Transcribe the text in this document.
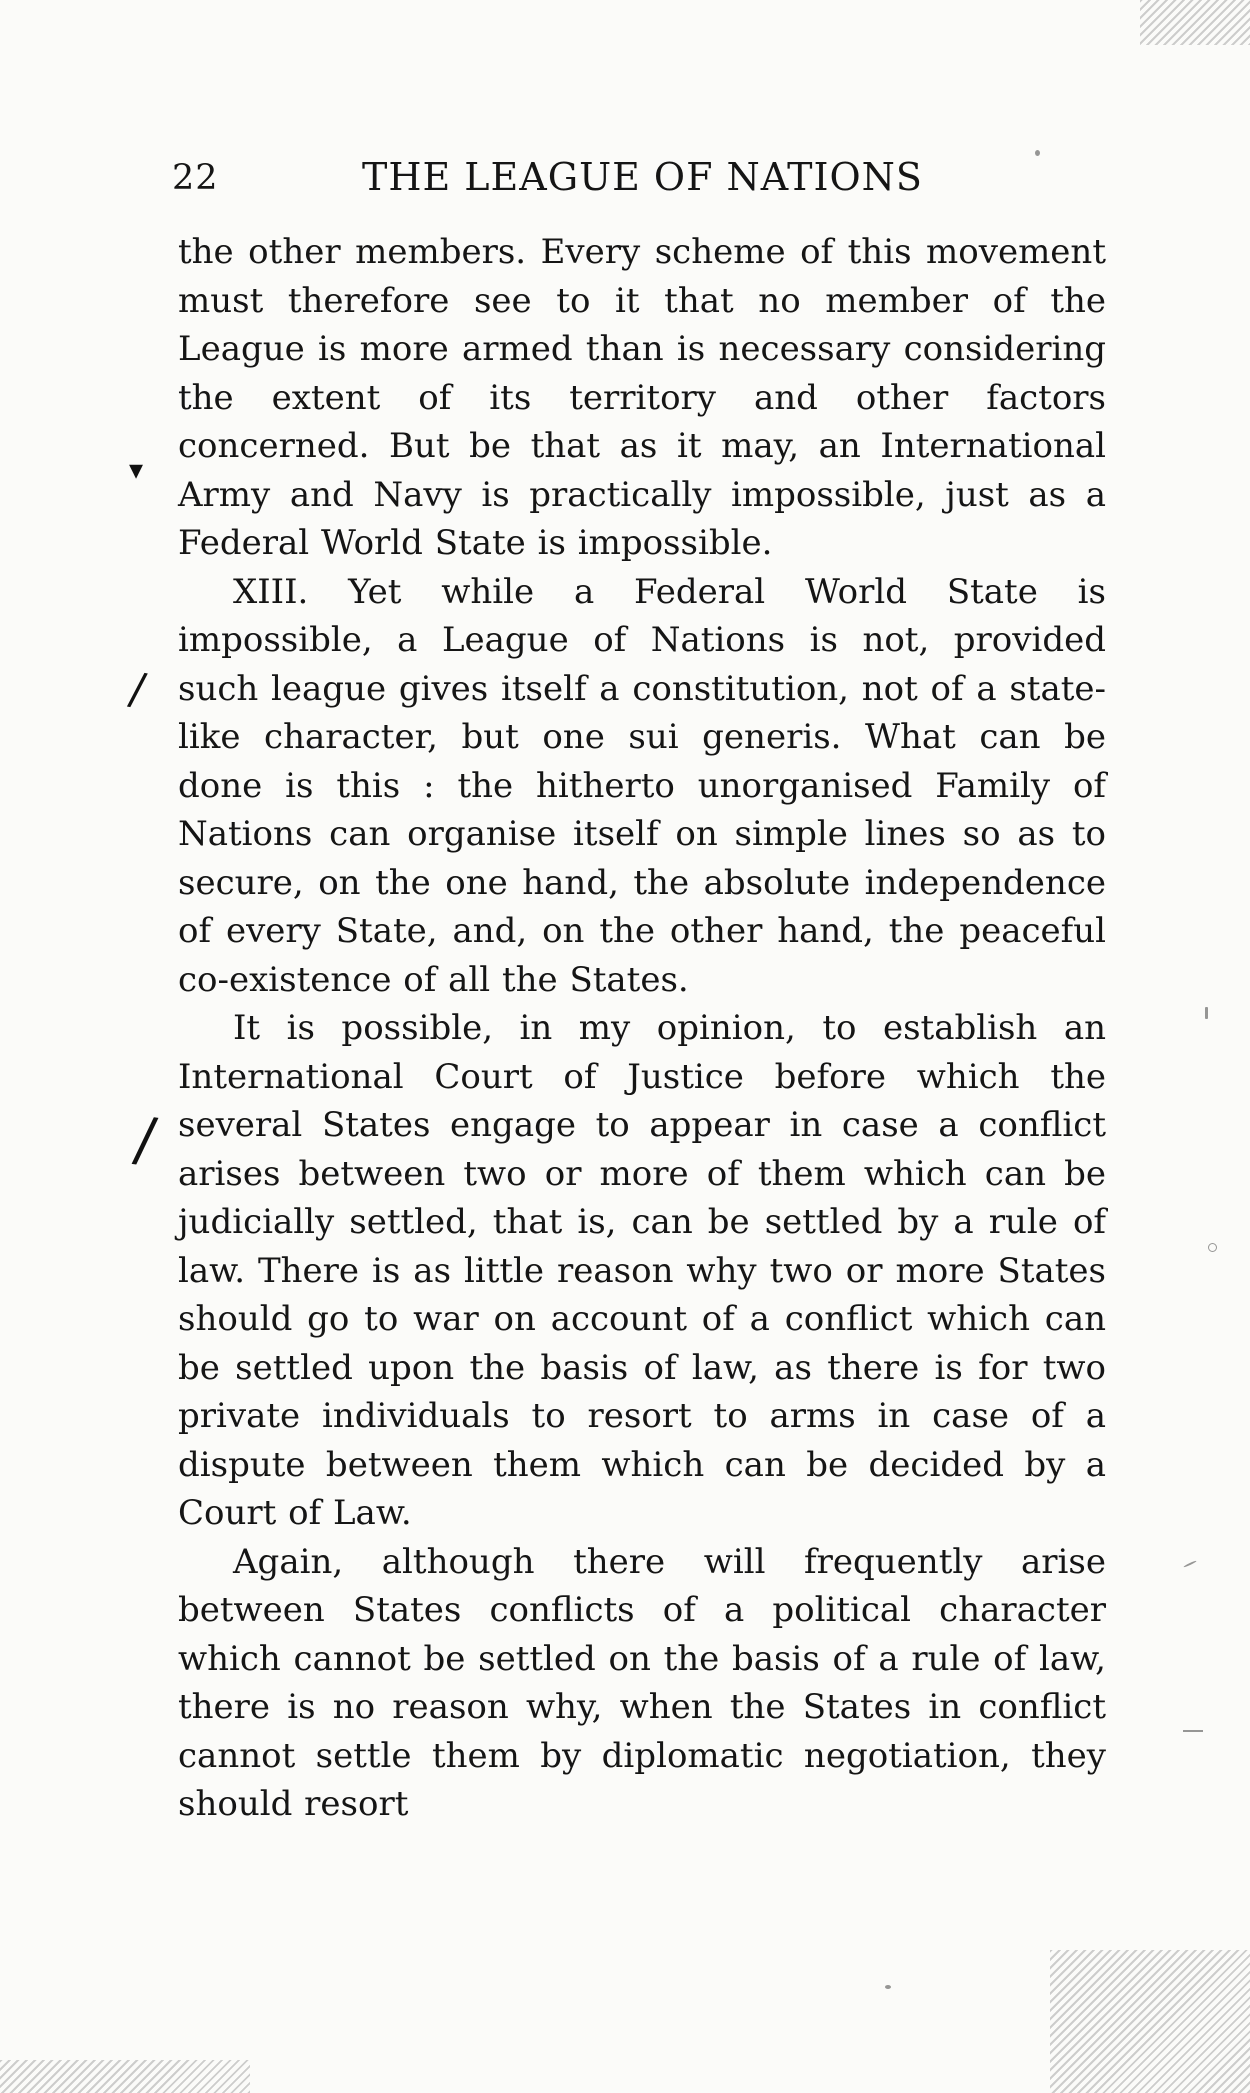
22	THE LEAGUE OF NATIONS

the other members. Every scheme of this movement must therefore see to it that no member of the League is more armed than is necessary considering the extent of its territory and other factors concerned. But be that as it may, an International Army and Navy is practically impossible, just as a Federal World State is impossible.

XIII. Yet while a Federal World State is impossible, a League of Nations is not, provided such league gives itself a constitution, not of a state-like character, but one sui generis. What can be done is this : the hitherto unorganised Family of Nations can organise itself on simple lines so as to secure, on the one hand, the absolute independence of every State, and, on the other hand, the peaceful co-existence of all the States.

It is possible, in my opinion, to establish an International Court of Justice before which the several States engage to appear in case a conflict arises between two or more of them which can be judicially settled, that is, can be settled by a rule of law. There is as little reason why two or more States should go to war on account of a conflict which can be settled upon the basis of law, as there is for two private individuals to resort to arms in case of a dispute between them which can be decided by a Court of Law.

Again, although there will frequently arise between States conflicts of a political character which cannot be settled on the basis of a rule of law, there is no reason why, when the States in conflict cannot settle them by diplomatic negotiation, they should resort

▾
∕
∕
